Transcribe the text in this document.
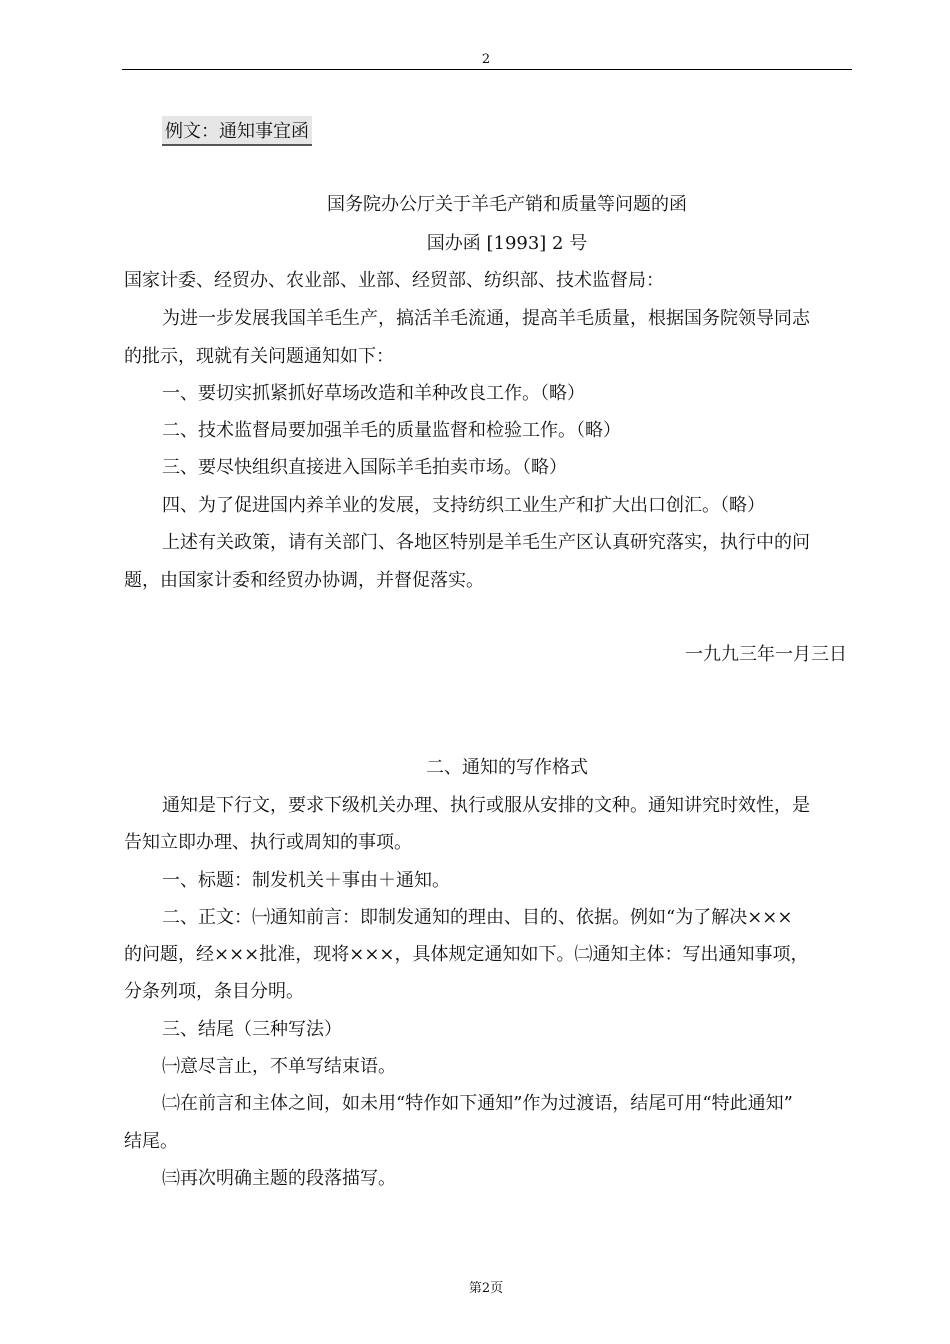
2
例文：通知事宜函
国务院办公厅关于羊毛产销和质量等问题的函
国办函 [1993] 2 号
国家计委、经贸办、农业部、业部、经贸部、纺织部、技术监督局：
为进一步发展我国羊毛生产，搞活羊毛流通，提高羊毛质量，根据国务院领导同志
的批示，现就有关问题通知如下：
一、要切实抓紧抓好草场改造和羊种改良工作。（略）
二、技术监督局要加强羊毛的质量监督和检验工作。（略）
三、要尽快组织直接进入国际羊毛拍卖市场。（略）
四、为了促进国内养羊业的发展，支持纺织工业生产和扩大出口创汇。（略）
上述有关政策，请有关部门、各地区特别是羊毛生产区认真研究落实，执行中的问
题，由国家计委和经贸办协调，并督促落实。
一九九三年一月三日
二、通知的写作格式
通知是下行文，要求下级机关办理、执行或服从安排的文种。通知讲究时效性，是
告知立即办理、执行或周知的事项。
一、标题：制发机关＋事由＋通知。
二、正文：㈠通知前言：即制发通知的理由、目的、依据。例如“为了解决×××
的问题，经×××批准，现将×××，具体规定通知如下。㈡通知主体：写出通知事项，
分条列项，条目分明。
三、结尾（三种写法）
㈠意尽言止，不单写结束语。
㈡在前言和主体之间，如未用“特作如下通知”作为过渡语，结尾可用“特此通知”
结尾。
㈢再次明确主题的段落描写。
第2页
